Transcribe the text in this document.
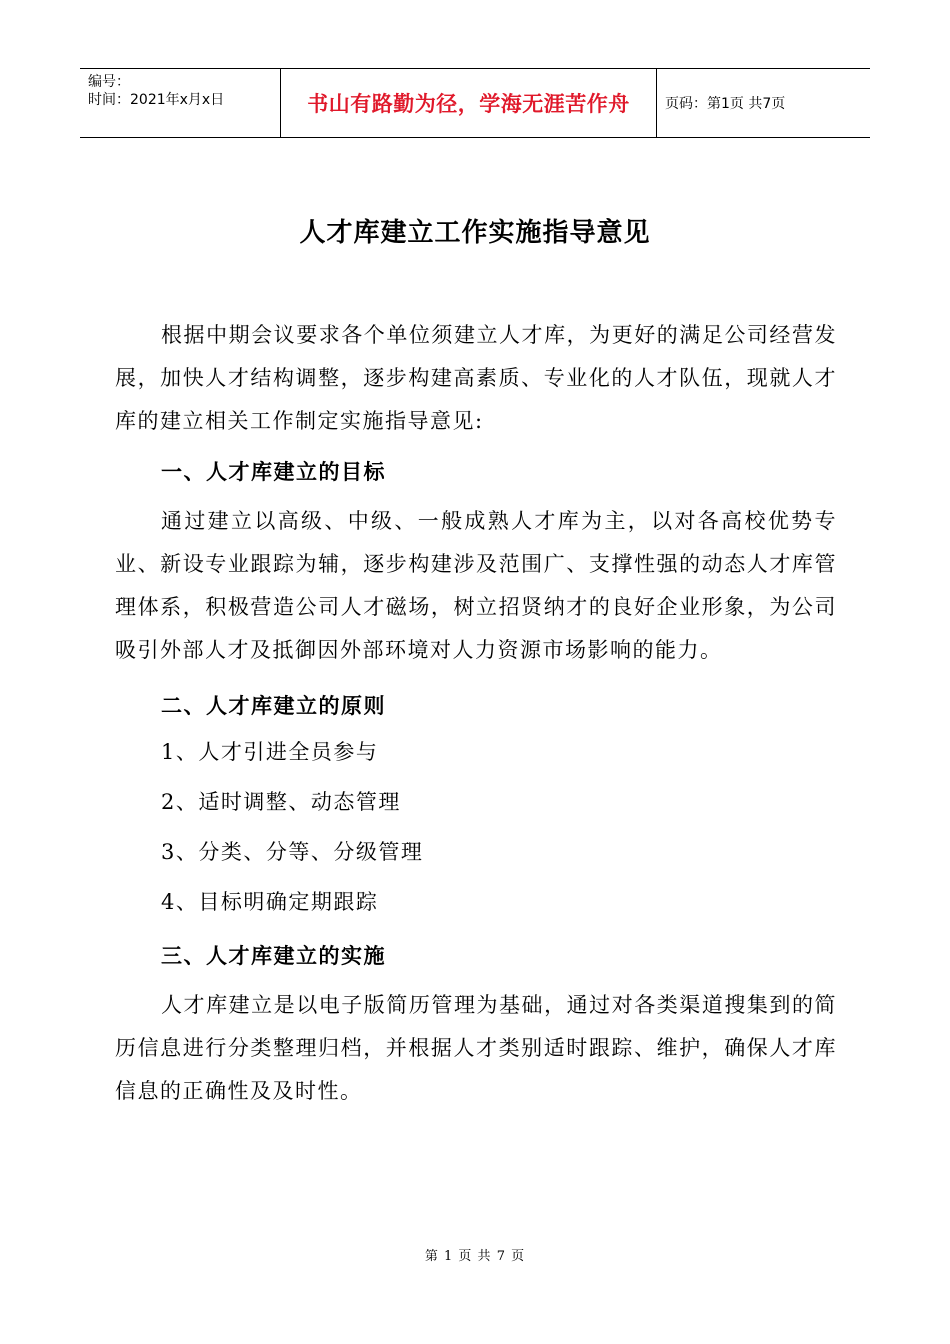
编号：
时间：2021年x月x日	书山有路勤为径，学海无涯苦作舟	页码：第1页 共7页
人才库建立工作实施指导意见

根据中期会议要求各个单位须建立人才库，为更好的满足公司经营发展，加快人才结构调整，逐步构建高素质、专业化的人才队伍，现就人才库的建立相关工作制定实施指导意见:

一、人才库建立的目标

通过建立以高级、中级、一般成熟人才库为主，以对各高校优势专业、新设专业跟踪为辅，逐步构建涉及范围广、支撑性强的动态人才库管理体系，积极营造公司人才磁场，树立招贤纳才的良好企业形象，为公司吸引外部人才及抵御因外部环境对人力资源市场影响的能力。

二、人才库建立的原则

1、人才引进全员参与

2、适时调整、动态管理

3、分类、分等、分级管理

4、目标明确定期跟踪

三、人才库建立的实施

人才库建立是以电子版简历管理为基础，通过对各类渠道搜集到的简历信息进行分类整理归档，并根据人才类别适时跟踪、维护，确保人才库信息的正确性及及时性。

第 1 页 共 7 页
